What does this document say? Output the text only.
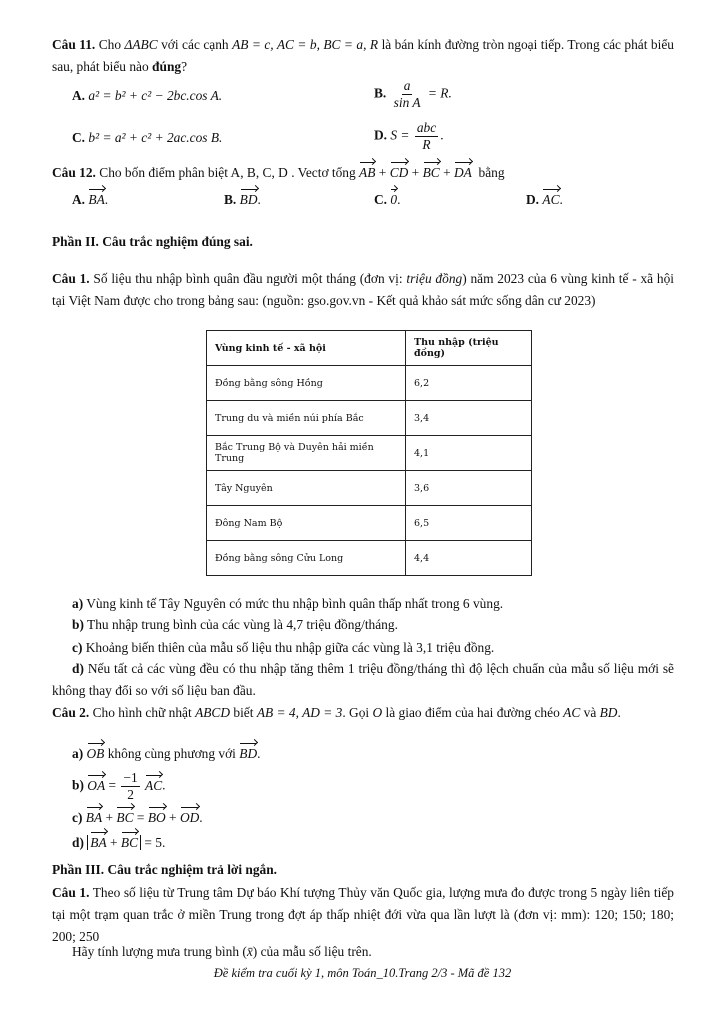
Câu 11. Cho ΔABC với các cạnh AB = c, AC = b, BC = a, R là bán kính đường tròn ngoại tiếp. Trong các phát biểu sau, phát biểu nào đúng?
A. a² = b² + c² − 2bc.cos A.	B. $\frac{a}{\text{sin A}} = R$.
C. b² = a² + c² + 2ac.cos B.	D. $S = \frac{\text{abc}}{R}$ .
Câu 12. Cho bốn điểm phân biệt A, B, C, D . Vectơ tổng AB + CD + BC + DA bằng
A. BA.	B. BD.	C. 0.	D. AC.
Phần II. Câu trắc nghiệm đúng sai.
Câu 1. Số liệu thu nhập bình quân đầu người một tháng (đơn vị: triệu đồng) năm 2023 của 6 vùng kinh tế - xã hội tại Việt Nam được cho trong bảng sau: (nguồn: gso.gov.vn - Kết quả khảo sát mức sống dân cư 2023)
Vùng kinh tế - xã hội	Thu nhập (triệu đồng)
Đồng bằng sông Hồng	6,2
Trung du và miền núi phía Bắc	3,4
Bắc Trung Bộ và Duyên hải miền Trung	4,1
Tây Nguyên	3,6
Đông Nam Bộ	6,5
Đồng bằng sông Cửu Long	4,4
a) Vùng kinh tế Tây Nguyên có mức thu nhập bình quân thấp nhất trong 6 vùng.
b) Thu nhập trung bình của các vùng là 4,7 triệu đồng/tháng.
c) Khoảng biến thiên của mẫu số liệu thu nhập giữa các vùng là 3,1 triệu đồng.
d) Nếu tất cả các vùng đều có thu nhập tăng thêm 1 triệu đồng/tháng thì độ lệch chuẩn của mẫu số liệu mới sẽ không thay đổi so với số liệu ban đầu.
Câu 2. Cho hình chữ nhật ABCD biết AB = 4, AD = 3. Gọi O là giao điểm của hai đường chéo AC và BD.
a) OB không cùng phương với BD.
b) OA = $\frac{-1}{2}$ AC.
c) BA + BC = BO + OD.
d) BA + BC = 5.
Phần III. Câu trắc nghiệm trả lời ngắn.
Câu 1. Theo số liệu từ Trung tâm Dự báo Khí tượng Thủy văn Quốc gia, lượng mưa đo được trong 5 ngày liên tiếp tại một trạm quan trắc ở miền Trung trong đợt áp thấp nhiệt đới vừa qua lần lượt là (đơn vị: mm): 120; 150; 180; 200; 250
Hãy tính lượng mưa trung bình (x̄) của mẫu số liệu trên.
Đề kiểm tra cuối kỳ 1, môn Toán_10.Trang 2/3 - Mã đề 132
